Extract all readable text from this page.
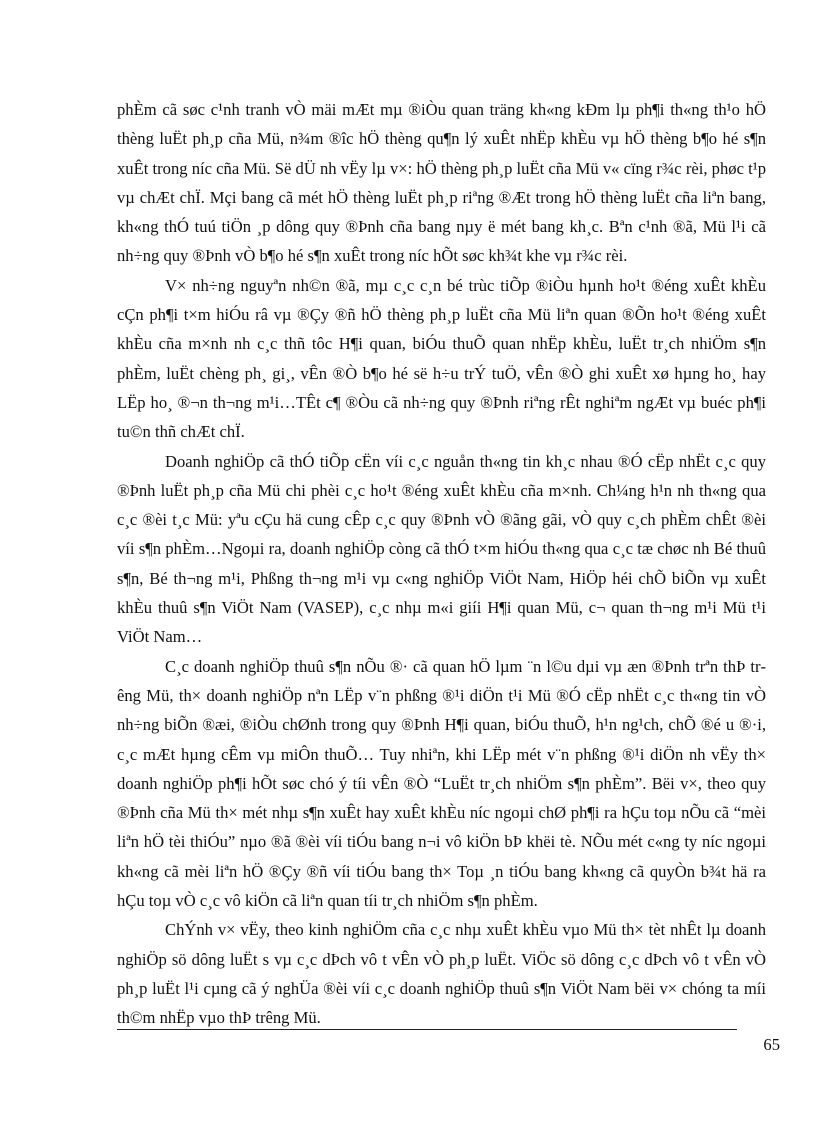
phÈm cã søc c¹nh tranh vÒ mäi mÆt mµ ®iÒu quan träng kh«ng kÐm lµ ph¶i th«ng th¹o hÖ thèng luËt ph¸p cña Mü, n¾m ®îc hÖ thèng qu¶n lý xuÊt nhËp khÈu vµ hÖ thèng b¶o hé s¶n xuÊt trong níc cña Mü. Së dÜ nh vËy lµ v×: hÖ thèng ph¸p luËt cña Mü v« cïng r¾c rèi, phøc t¹p vµ chÆt chÏ. Mçi bang cã mét hÖ thèng luËt ph¸p riªng ®Æt trong hÖ thèng luËt cña liªn bang, kh«ng thÓ tuú tiÖn ¸p dông quy ®Þnh cña bang nµy ë mét bang kh¸c. Bªn c¹nh ®ã, Mü l¹i cã nh÷ng quy ®Þnh vÒ b¶o hé s¶n xuÊt trong níc hÕt søc kh¾t khe vµ r¾c rèi.

V× nh÷ng nguyªn nh©n ®ã, mµ c¸c c¸n bé trùc tiÕp ®iÒu hµnh ho¹t ®éng xuÊt khÈu cÇn ph¶i t×m hiÓu râ vµ ®Çy ®ñ hÖ thèng ph¸p luËt cña Mü liªn quan ®Õn ho¹t ®éng xuÊt khÈu cña m×nh nh c¸c thñ tôc H¶i quan, biÓu thuÕ quan nhËp khÈu, luËt tr¸ch nhiÖm s¶n phÈm, luËt chèng ph¸ gi¸, vÊn ®Ò b¶o hé së h÷u trÝ tuÖ, vÊn ®Ò ghi xuÊt xø hµng ho¸ hay LËp ho¸ ®¬n th¬ng m¹i…TÊt c¶ ®Òu cã nh÷ng quy ®Þnh riªng rÊt nghiªm ngÆt vµ buéc ph¶i tu©n thñ chÆt chÏ.

Doanh nghiÖp cã thÓ tiÕp cËn víi c¸c nguån th«ng tin kh¸c nhau ®Ó cËp nhËt c¸c quy ®Þnh luËt ph¸p cña Mü chi phèi c¸c ho¹t ®éng xuÊt khÈu cña m×nh. Ch¼ng h¹n nh th«ng qua c¸c ®èi t¸c Mü: yªu cÇu hä cung cÊp c¸c quy ®Þnh vÒ ®ãng gãi, vÒ quy c¸ch phÈm chÊt ®èi víi s¶n phÈm…Ngoµi ra, doanh nghiÖp còng cã thÓ t×m hiÓu th«ng qua c¸c tæ chøc nh Bé thuû s¶n, Bé th¬ng m¹i, Phßng th¬ng m¹i vµ c«ng nghiÖp ViÖt Nam, HiÖp héi chÕ biÕn vµ xuÊt khÈu thuû s¶n ViÖt Nam (VASEP), c¸c nhµ m«i giíi H¶i quan Mü, c¬ quan th¬ng m¹i Mü t¹i ViÖt Nam…

C¸c doanh nghiÖp thuû s¶n nÕu ®· cã quan hÖ lµm ¨n l©u dµi vµ æn ®Þnh trªn thÞ trêng Mü, th× doanh nghiÖp nªn LËp v¨n phßng ®¹i diÖn t¹i Mü ®Ó cËp nhËt c¸c th«ng tin vÒ nh÷ng biÕn ®æi, ®iÒu chØnh trong quy ®Þnh H¶i quan, biÓu thuÕ, h¹n ng¹ch, chÕ ®é u ®·i, c¸c mÆt hµng cÊm vµ miÔn thuÕ… Tuy nhiªn, khi LËp mét v¨n phßng ®¹i diÖn nh vËy th× doanh nghiÖp ph¶i hÕt søc chó ý tíi vÊn ®Ò “LuËt tr¸ch nhiÖm s¶n phÈm”. Bëi v×, theo quy ®Þnh cña Mü th× mét nhµ s¶n xuÊt hay xuÊt khÈu níc ngoµi chØ ph¶i ra hÇu toµ nÕu cã “mèi liªn hÖ tèi thiÓu” nµo ®ã ®èi víi tiÓu bang n¬i vô kiÖn bÞ khëi tè. NÕu mét c«ng ty níc ngoµi kh«ng cã mèi liªn hÖ ®Çy ®ñ víi tiÓu bang th× Toµ ¸n tiÓu bang kh«ng cã quyÒn b¾t hä ra hÇu toµ vÒ c¸c vô kiÖn cã liªn quan tíi tr¸ch nhiÖm s¶n phÈm.

ChÝnh v× vËy, theo kinh nghiÖm cña c¸c nhµ xuÊt khÈu vµo Mü th× tèt nhÊt lµ doanh nghiÖp sö dông luËt s vµ c¸c dÞch vô t vÊn vÒ ph¸p luËt. ViÖc sö dông c¸c dÞch vô t vÊn vÒ ph¸p luËt l¹i cµng cã ý nghÜa ®èi víi c¸c doanh nghiÖp thuû s¶n ViÖt Nam bëi v× chóng ta míi th©m nhËp vµo thÞ trêng Mü.

65
